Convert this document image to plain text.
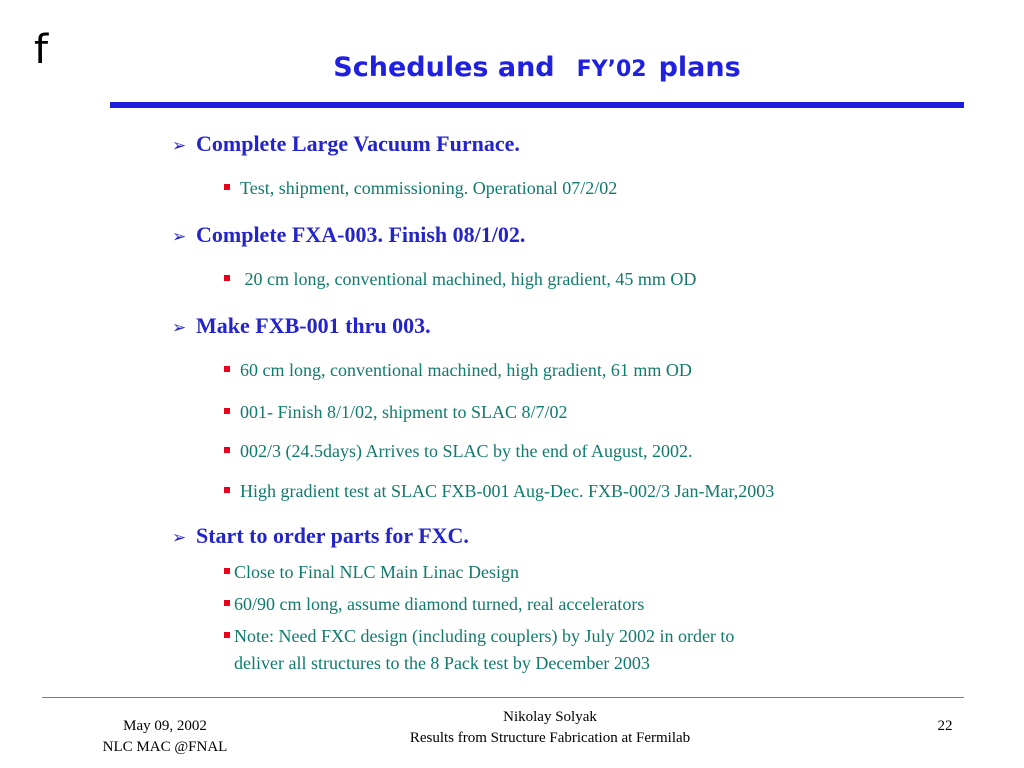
f	Schedules and FY’02 plans
➢ Complete Large Vacuum Furnace.
Test, shipment, commissioning. Operational 07/2/02
➢ Complete FXA-003. Finish 08/1/02.
20 cm long, conventional machined, high gradient, 45 mm OD
➢ Make FXB-001 thru 003.
60 cm long, conventional machined, high gradient, 61 mm OD
001- Finish 8/1/02, shipment to SLAC 8/7/02
002/3 (24.5days) Arrives to SLAC by the end of August, 2002.
High gradient test at SLAC FXB-001 Aug-Dec. FXB-002/3 Jan-Mar,2003
➢ Start to order parts for FXC.
Close to Final NLC Main Linac Design
60/90 cm long, assume diamond turned, real accelerators
Note: Need FXC design (including couplers) by July 2002 in order to
deliver all structures to the 8 Pack test by December 2003
May 09, 2002
NLC MAC @FNAL
Nikolay Solyak
Results from Structure Fabrication at Fermilab
22
